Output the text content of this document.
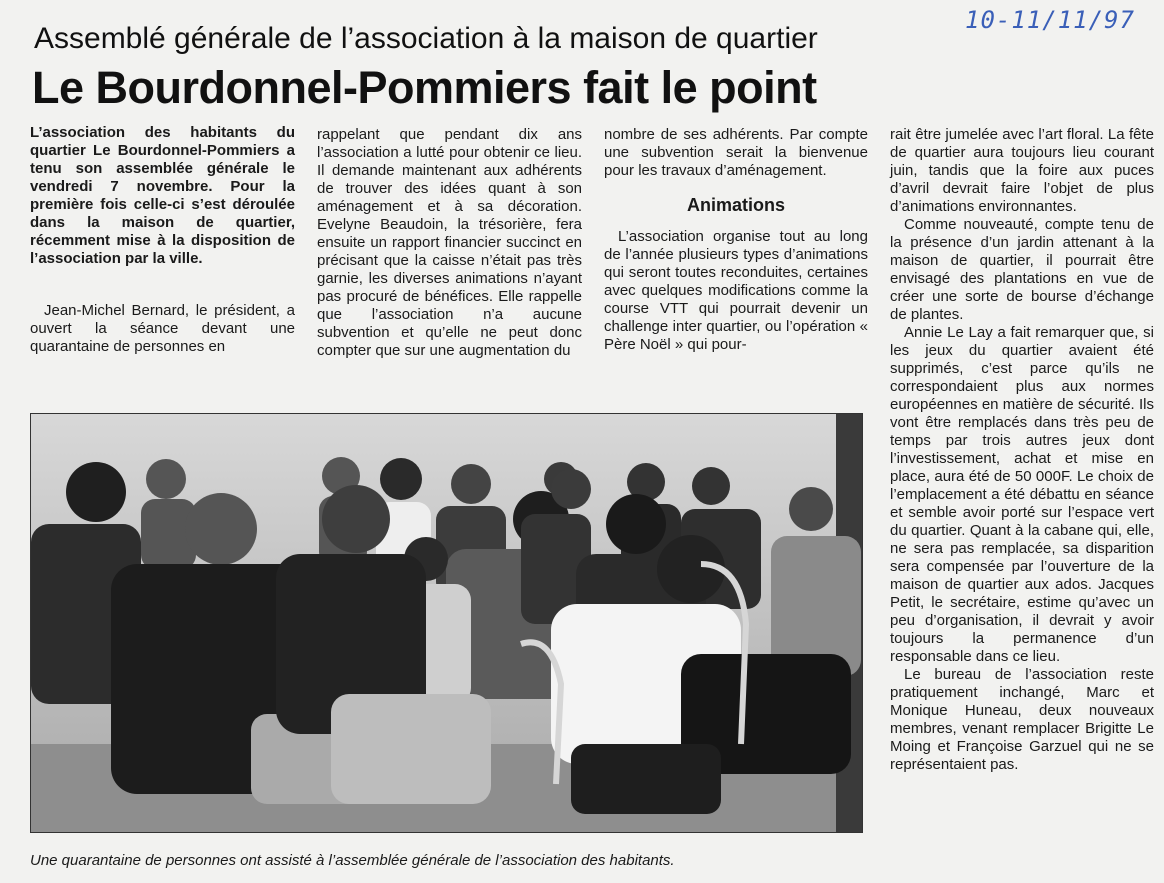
10-11/11/97
Assemblé générale de l’association à la maison de quartier
Le Bourdonnel-Pommiers fait le point

L’association des habitants du quartier Le Bourdonnel-Pommiers a tenu son assemblée générale le vendredi 7 novembre. Pour la première fois celle-ci s’est déroulée dans la maison de quartier, récemment mise à la disposition de l’association par la ville.

Jean-Michel Bernard, le président, a ouvert la séance devant une quarantaine de personnes en

rappelant que pendant dix ans l’association a lutté pour obtenir ce lieu. Il demande maintenant aux adhérents de trouver des idées quant à son aménagement et à sa décoration. Evelyne Beaudoin, la trésorière, fera ensuite un rapport financier succinct en précisant que la caisse n’était pas très garnie, les diverses animations n’ayant pas procuré de bénéfices. Elle rappelle que l’association n’a aucune subvention et qu’elle ne peut donc compter que sur une augmentation du

nombre de ses adhérents. Par compte une subvention serait la bienvenue pour les travaux d’aménagement.

Animations

L’association organise tout au long de l’année plusieurs types d’animations qui seront toutes reconduites, certaines avec quelques modifications comme la course VTT qui pourrait devenir un challenge inter quartier, ou l’opération « Père Noël » qui pour-

rait être jumelée avec l’art floral. La fête de quartier aura toujours lieu courant juin, tandis que la foire aux puces d’avril devrait faire l’objet de plus d’animations environnantes.

Comme nouveauté, compte tenu de la présence d’un jardin attenant à la maison de quartier, il pourrait être envisagé des plantations en vue de créer une sorte de bourse d’échange de plantes.

Annie Le Lay a fait remarquer que, si les jeux du quartier avaient été supprimés, c’est parce qu’ils ne correspondaient plus aux normes européennes en matière de sécurité. Ils vont être remplacés dans très peu de temps par trois autres jeux dont l’investissement, achat et mise en place, aura été de 50 000F. Le choix de l’emplacement a été débattu en séance et semble avoir porté sur l’espace vert du quartier. Quant à la cabane qui, elle, ne sera pas remplacée, sa disparition sera compensée par l’ouverture de la maison de quartier aux ados. Jacques Petit, le secrétaire, estime qu’avec un peu d’organisation, il devrait y avoir toujours la permanence d’un responsable dans ce lieu.

Le bureau de l’association reste pratiquement inchangé, Marc et Monique Huneau, deux nouveaux membres, venant remplacer Brigitte Le Moing et Françoise Garzuel qui ne se représentaient pas.

Une quarantaine de personnes ont assisté à l’assemblée générale de l’association des habitants.
